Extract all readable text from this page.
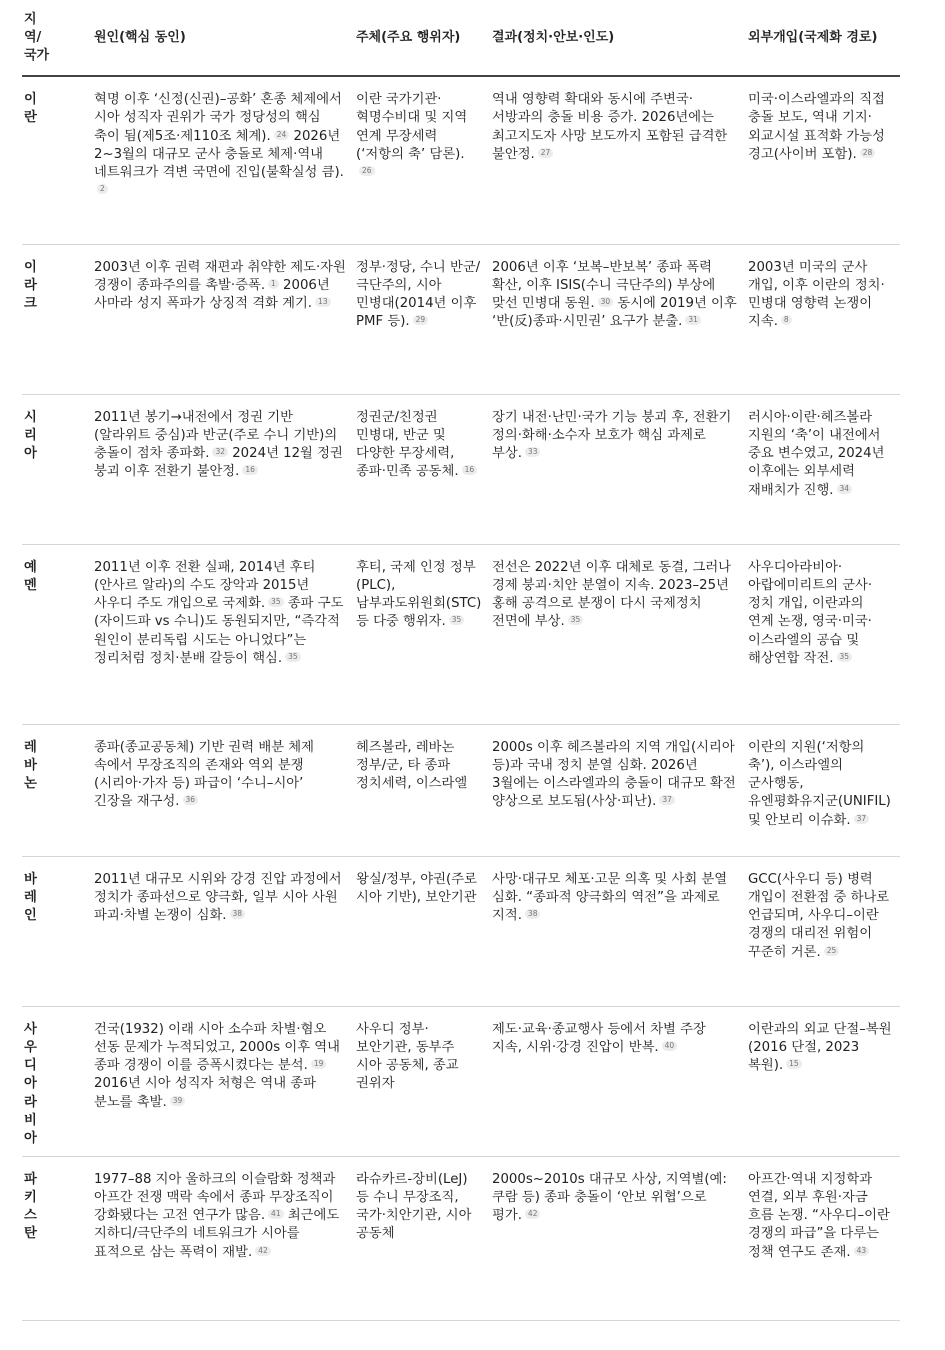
지역/국가	원인(핵심 동인)	주체(주요 행위자)	결과(정치·안보·인도)	외부개입(국제화 경로)

이란	혁명 이후 ‘신정(신권)–공화’ 혼종 체제에서 시아 성직자 권위가 국가 정당성의 핵심 축이 됨(제5조·제110조 체계). 24 2026년 2~3월의 대규모 군사 충돌로 체제·역내 네트워크가 격변 국면에 진입(불확실성 큼).2	이란 국가기관·혁명수비대 및 지역 연계 무장세력(‘저항의 축’ 담론).26	역내 영향력 확대와 동시에 주변국·서방과의 충돌 비용 증가. 2026년에는 최고지도자 사망 보도까지 포함된 급격한 불안정. 27	미국·이스라엘과의 직접 충돌 보도, 역내 기지·외교시설 표적화 가능성 경고(사이버 포함). 28

이라크	2003년 이후 권력 재편과 취약한 제도·자원 경쟁이 종파주의를 촉발·증폭. 1 2006년 사마라 성지 폭파가 상징적 격화 계기. 13	정부·정당, 수니 반군/극단주의, 시아 민병대(2014년 이후 PMF 등). 29	2006년 이후 ‘보복–반보복’ 종파 폭력 확산, 이후 ISIS(수니 극단주의) 부상에 맞선 민병대 동원. 30 동시에 2019년 이후 ‘반(反)종파·시민권’ 요구가 분출. 31	2003년 미국의 군사 개입, 이후 이란의 정치·민병대 영향력 논쟁이 지속. 8

시리아	2011년 봉기→내전에서 정권 기반(알라위트 중심)과 반군(주로 수니 기반)의 충돌이 점차 종파화. 32 2024년 12월 정권 붕괴 이후 전환기 불안정. 16	정권군/친정권 민병대, 반군 및 다양한 무장세력, 종파·민족 공동체. 16	장기 내전·난민·국가 기능 붕괴 후, 전환기 정의·화해·소수자 보호가 핵심 과제로 부상. 33	러시아·이란·헤즈볼라 지원의 ‘축’이 내전에서 중요 변수였고, 2024년 이후에는 외부세력 재배치가 진행. 34

예멘	2011년 이후 전환 실패, 2014년 후티(안사르 알라)의 수도 장악과 2015년 사우디 주도 개입으로 국제화. 35 종파 구도(자이드파 vs 수니)도 동원되지만, “즉각적 원인이 분리독립 시도는 아니었다”는 정리처럼 정치·분배 갈등이 핵심. 35	후티, 국제 인정 정부(PLC), 남부과도위원회(STC) 등 다중 행위자. 35	전선은 2022년 이후 대체로 동결, 그러나 경제 붕괴·치안 분열이 지속. 2023–25년 홍해 공격으로 분쟁이 다시 국제정치 전면에 부상. 35	사우디아라비아·아랍에미리트의 군사·정치 개입, 이란과의 연계 논쟁, 영국·미국·이스라엘의 공습 및 해상연합 작전. 35

레바논	종파(종교공동체) 기반 권력 배분 체제 속에서 무장조직의 존재와 역외 분쟁(시리아·가자 등) 파급이 ‘수니–시아’ 긴장을 재구성. 36	헤즈볼라, 레바논 정부/군, 타 종파 정치세력, 이스라엘	2000s 이후 헤즈볼라의 지역 개입(시리아 등)과 국내 정치 분열 심화. 2026년 3월에는 이스라엘과의 충돌이 대규모 확전 양상으로 보도됨(사상·피난). 37	이란의 지원(‘저항의 축’), 이스라엘의 군사행동, 유엔평화유지군(UNIFIL) 및 안보리 이슈화. 37

바레인	2011년 대규모 시위와 강경 진압 과정에서 정치가 종파선으로 양극화, 일부 시아 사원 파괴·차별 논쟁이 심화. 38	왕실/정부, 야권(주로 시아 기반), 보안기관	사망·대규모 체포·고문 의혹 및 사회 분열 심화. “종파적 양극화의 역전”을 과제로 지적. 38	GCC(사우디 등) 병력 개입이 전환점 중 하나로 언급되며, 사우디–이란 경쟁의 대리전 위험이 꾸준히 거론. 25

사우디아라비아	건국(1932) 이래 시아 소수파 차별·혐오 선동 문제가 누적되었고, 2000s 이후 역내 종파 경쟁이 이를 증폭시켰다는 분석. 19 2016년 시아 성직자 처형은 역내 종파 분노를 촉발. 39	사우디 정부·보안기관, 동부주 시아 공동체, 종교 권위자	제도·교육·종교행사 등에서 차별 주장 지속, 시위·강경 진압이 반복. 40	이란과의 외교 단절–복원(2016 단절, 2023 복원). 15

파키스탄	1977–88 지아 울하크의 이슬람화 정책과 아프간 전쟁 맥락 속에서 종파 무장조직이 강화됐다는 고전 연구가 많음. 41 최근에도 지하디/극단주의 네트워크가 시아를 표적으로 삼는 폭력이 재발. 42	라슈카르-장비(LeJ) 등 수니 무장조직, 국가·치안기관, 시아 공동체	2000s~2010s 대규모 사상, 지역별(예: 쿠람 등) 종파 충돌이 ‘안보 위협’으로 평가. 42	아프간·역내 지정학과 연결, 외부 후원·자금 흐름 논쟁. “사우디–이란 경쟁의 파급”을 다루는 정책 연구도 존재. 43
